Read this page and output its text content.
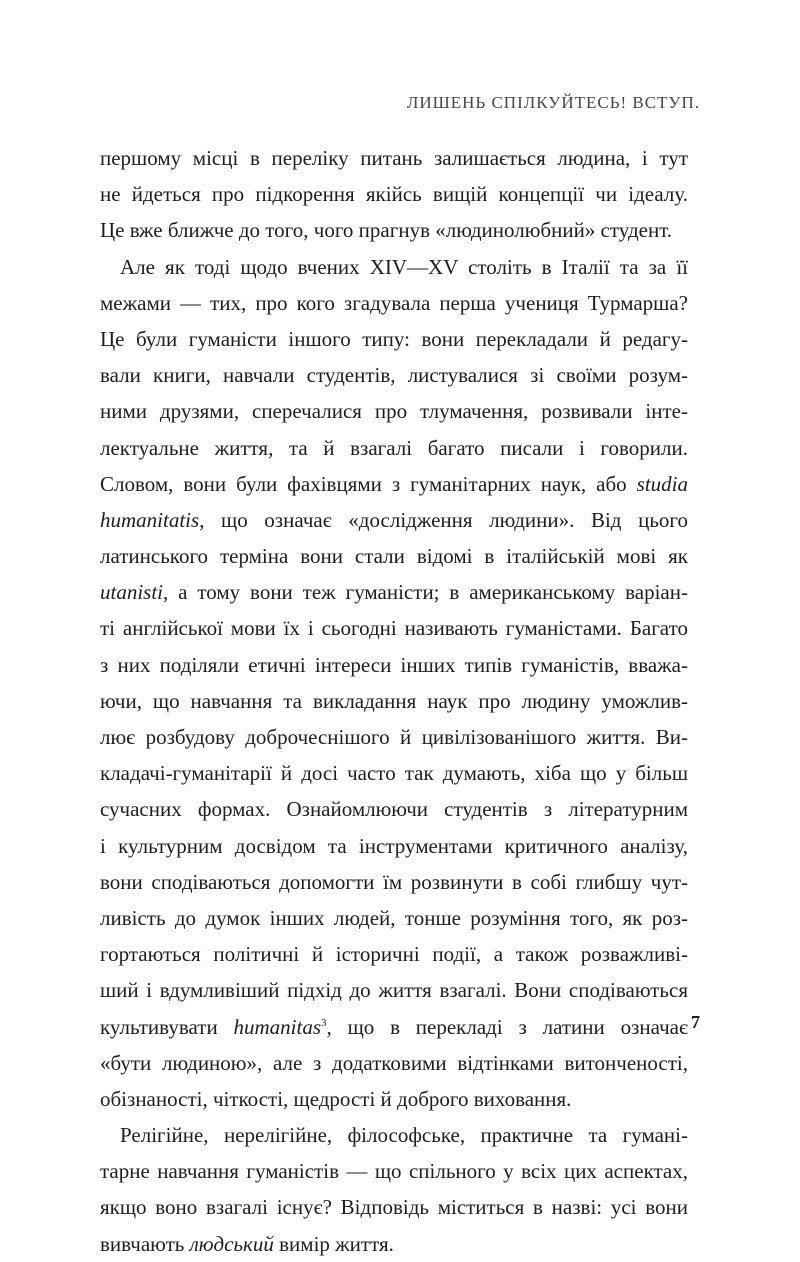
ЛИШЕНЬ СПІЛКУЙТЕСЬ! ВСТУП.
першому місці в переліку питань залишається людина, і тут
не йдеться про підкорення якійсь вищій концепції чи ідеалу.
Це вже ближче до того, чого прагнув «людинолюбний» студент.
Але як тоді щодо вчених XIV—XV століть в Італії та за її
межами — тих, про кого згадувала перша учениця Турмарша?
Це були гуманісти іншого типу: вони перекладали й редагу-
вали книги, навчали студентів, листувалися зі своїми розум-
ними друзями, сперечалися про тлумачення, розвивали інте-
лектуальне життя, та й взагалі багато писали і говорили.
Словом, вони були фахівцями з гуманітарних наук, або studia
humanitatis, що означає «дослідження людини». Від цього
латинського терміна вони стали відомі в італійській мові як
utanisti, а тому вони теж гуманісти; в американському варіан-
ті англійської мови їх і сьогодні називають гуманістами. Багато
з них поділяли етичні інтереси інших типів гуманістів, вважа-
ючи, що навчання та викладання наук про людину уможлив-
лює розбудову доброчеснішого й цивілізованішого життя. Ви-
кладачі-гуманітарії й досі часто так думають, хіба що у більш
сучасних формах. Ознайомлюючи студентів з літературним
і культурним досвідом та інструментами критичного аналізу,
вони сподіваються допомогти їм розвинути в собі глибшу чут-
ливість до думок інших людей, тонше розуміння того, як роз-
гортаються політичні й історичні події, а також розважливі-
ший і вдумливіший підхід до життя взагалі. Вони сподіваються
культивувати humanitas$^3$, що в перекладі з латини означає
«бути людиною», але з додатковими відтінками витонченості,
обізнаності, чіткості, щедрості й доброго виховання.
Релігійне, нерелігійне, філософське, практичне та гумані-
тарне навчання гуманістів — що спільного у всіх цих аспектах,
якщо воно взагалі існує? Відповідь міститься в назві: усі вони
вивчають людський вимір життя.
7
